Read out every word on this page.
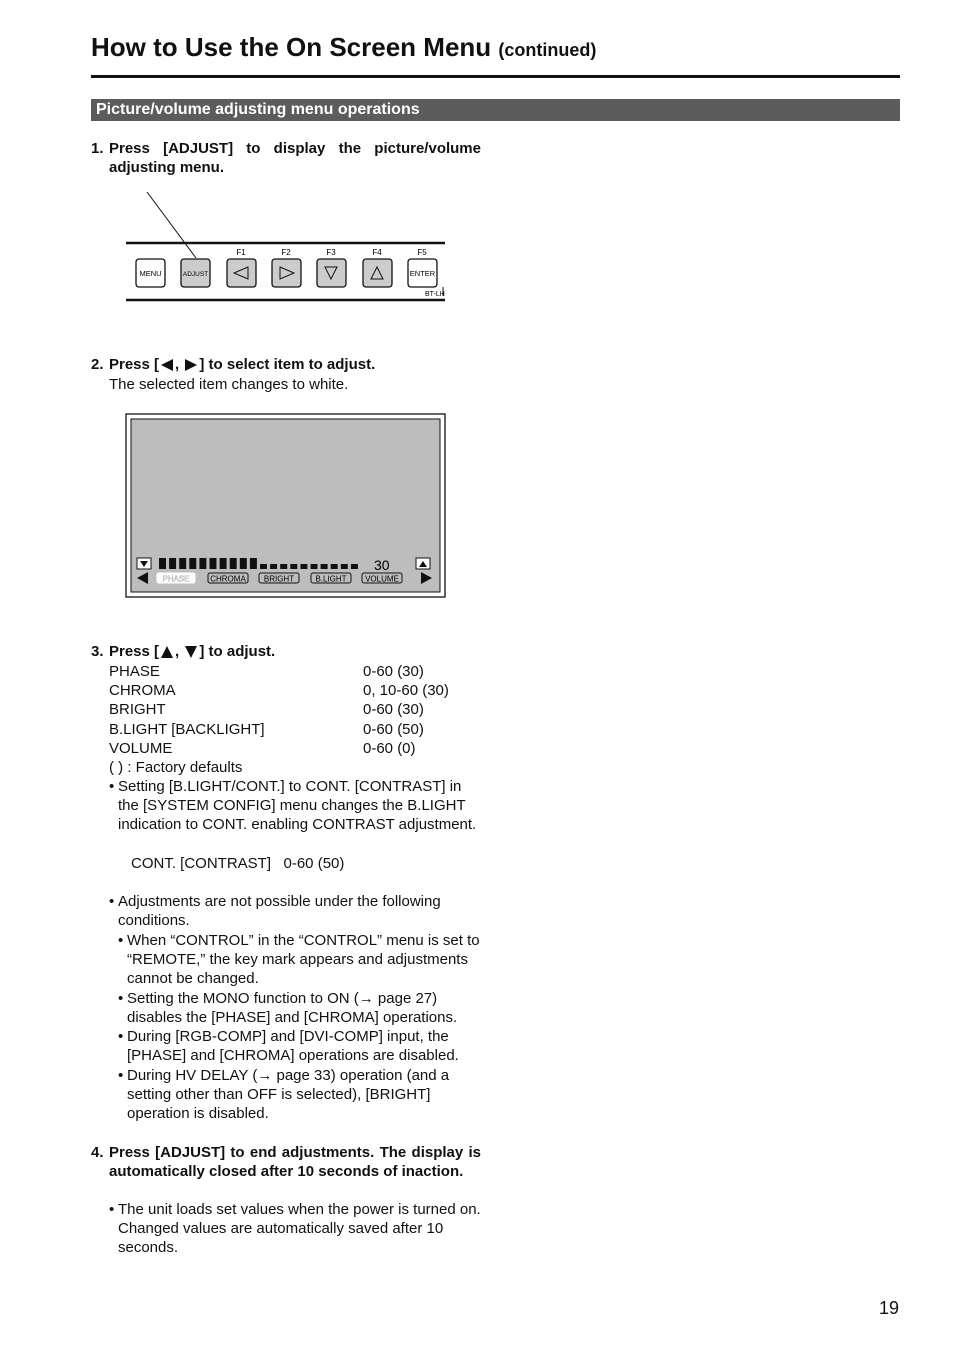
How to Use the On Screen Menu (continued)
Picture/volume adjusting menu operations
1. Press [ADJUST] to display the picture/volume adjusting menu.
F1	F2	F3	F4	F5
MENU	ADJUST	ENTER
BT-LH
2. Press [ , ] to select item to adjust.
The selected item changes to white.
30
PHASE	CHROMA BRIGHT	B.LIGHT VOLUME
3. Press [ , ] to adjust.
PHASE	0-60 (30)
CHROMA	0, 10-60 (30)
BRIGHT	0-60 (30)
B.LIGHT [BACKLIGHT]	0-60 (50)
VOLUME	0-60 (0)
( ) : Factory defaults
• Setting [B.LIGHT/CONT.] to CONT. [CONTRAST] in the [SYSTEM CONFIG] menu changes the B.LIGHT indication to CONT. enabling CONTRAST adjustment.
CONT. [CONTRAST]   0-60 (50)
• Adjustments are not possible under the following conditions.
• When “CONTROL” in the “CONTROL” menu is set to “REMOTE,” the key mark appears and adjustments cannot be changed.
• Setting the MONO function to ON (→ page 27) disables the [PHASE] and [CHROMA] operations.
• During [RGB-COMP] and [DVI-COMP] input, the [PHASE] and [CHROMA] operations are disabled.
• During HV DELAY (→ page 33) operation (and a setting other than OFF is selected), [BRIGHT] operation is disabled.
4. Press [ADJUST] to end adjustments. The display is automatically closed after 10 seconds of inaction.
• The unit loads set values when the power is turned on. Changed values are automatically saved after 10 seconds.
19
